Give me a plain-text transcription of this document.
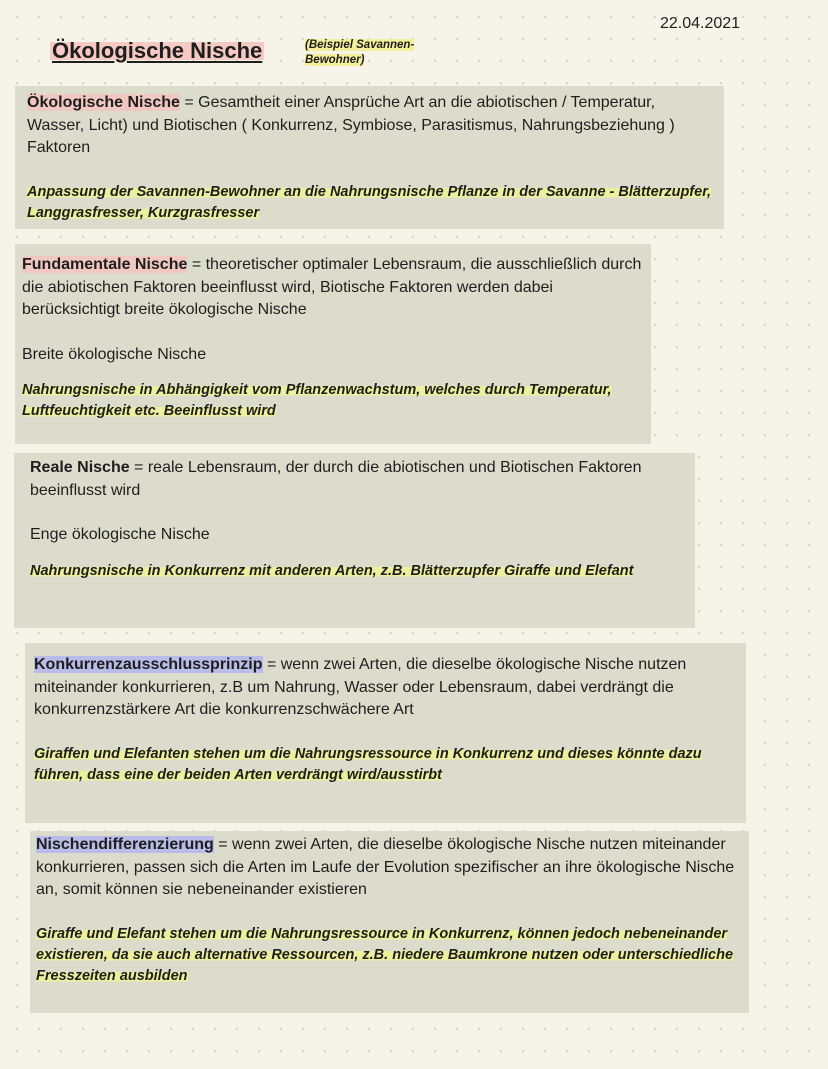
22.04.2021
Ökologische Nische	(Beispiel Savannen-
Bewohner)

Ökologische Nische = Gesamtheit einer Ansprüche Art an die abiotischen / Temperatur, Wasser, Licht) und Biotischen ( Konkurrenz, Symbiose, Parasitismus, Nahrungsbeziehung ) Faktoren

Anpassung der Savannen-Bewohner an die Nahrungsnische Pflanze in der Savanne - Blätterzupfer, Langgrasfresser, Kurzgrasfresser

Fundamentale Nische = theoretischer optimaler Lebensraum, die ausschließlich durch die abiotischen Faktoren beeinflusst wird, Biotische Faktoren werden dabei berücksichtigt breite ökologische Nische

Breite ökologische Nische

Nahrungsnische in Abhängigkeit vom Pflanzenwachstum, welches durch Temperatur, Luftfeuchtigkeit etc. Beeinflusst wird

Reale Nische = reale Lebensraum, der durch die abiotischen und Biotischen Faktoren beeinflusst wird

Enge ökologische Nische

Nahrungsnische in Konkurrenz mit anderen Arten, z.B. Blätterzupfer Giraffe und Elefant

Konkurrenzausschlussprinzip = wenn zwei Arten, die dieselbe ökologische Nische nutzen miteinander konkurrieren, z.B um Nahrung, Wasser oder Lebensraum, dabei verdrängt die konkurrenzstärkere Art die konkurrenzschwächere Art

Giraffen und Elefanten stehen um die Nahrungsressource in Konkurrenz und dieses könnte dazu führen, dass eine der beiden Arten verdrängt wird/ausstirbt

Nischendifferenzierung = wenn zwei Arten, die dieselbe ökologische Nische nutzen miteinander konkurrieren, passen sich die Arten im Laufe der Evolution spezifischer an ihre ökologische Nische an, somit können sie nebeneinander existieren

Giraffe und Elefant stehen um die Nahrungsressource in Konkurrenz, können jedoch nebeneinander existieren, da sie auch alternative Ressourcen, z.B. niedere Baumkrone nutzen oder unterschiedliche Fresszeiten ausbilden
